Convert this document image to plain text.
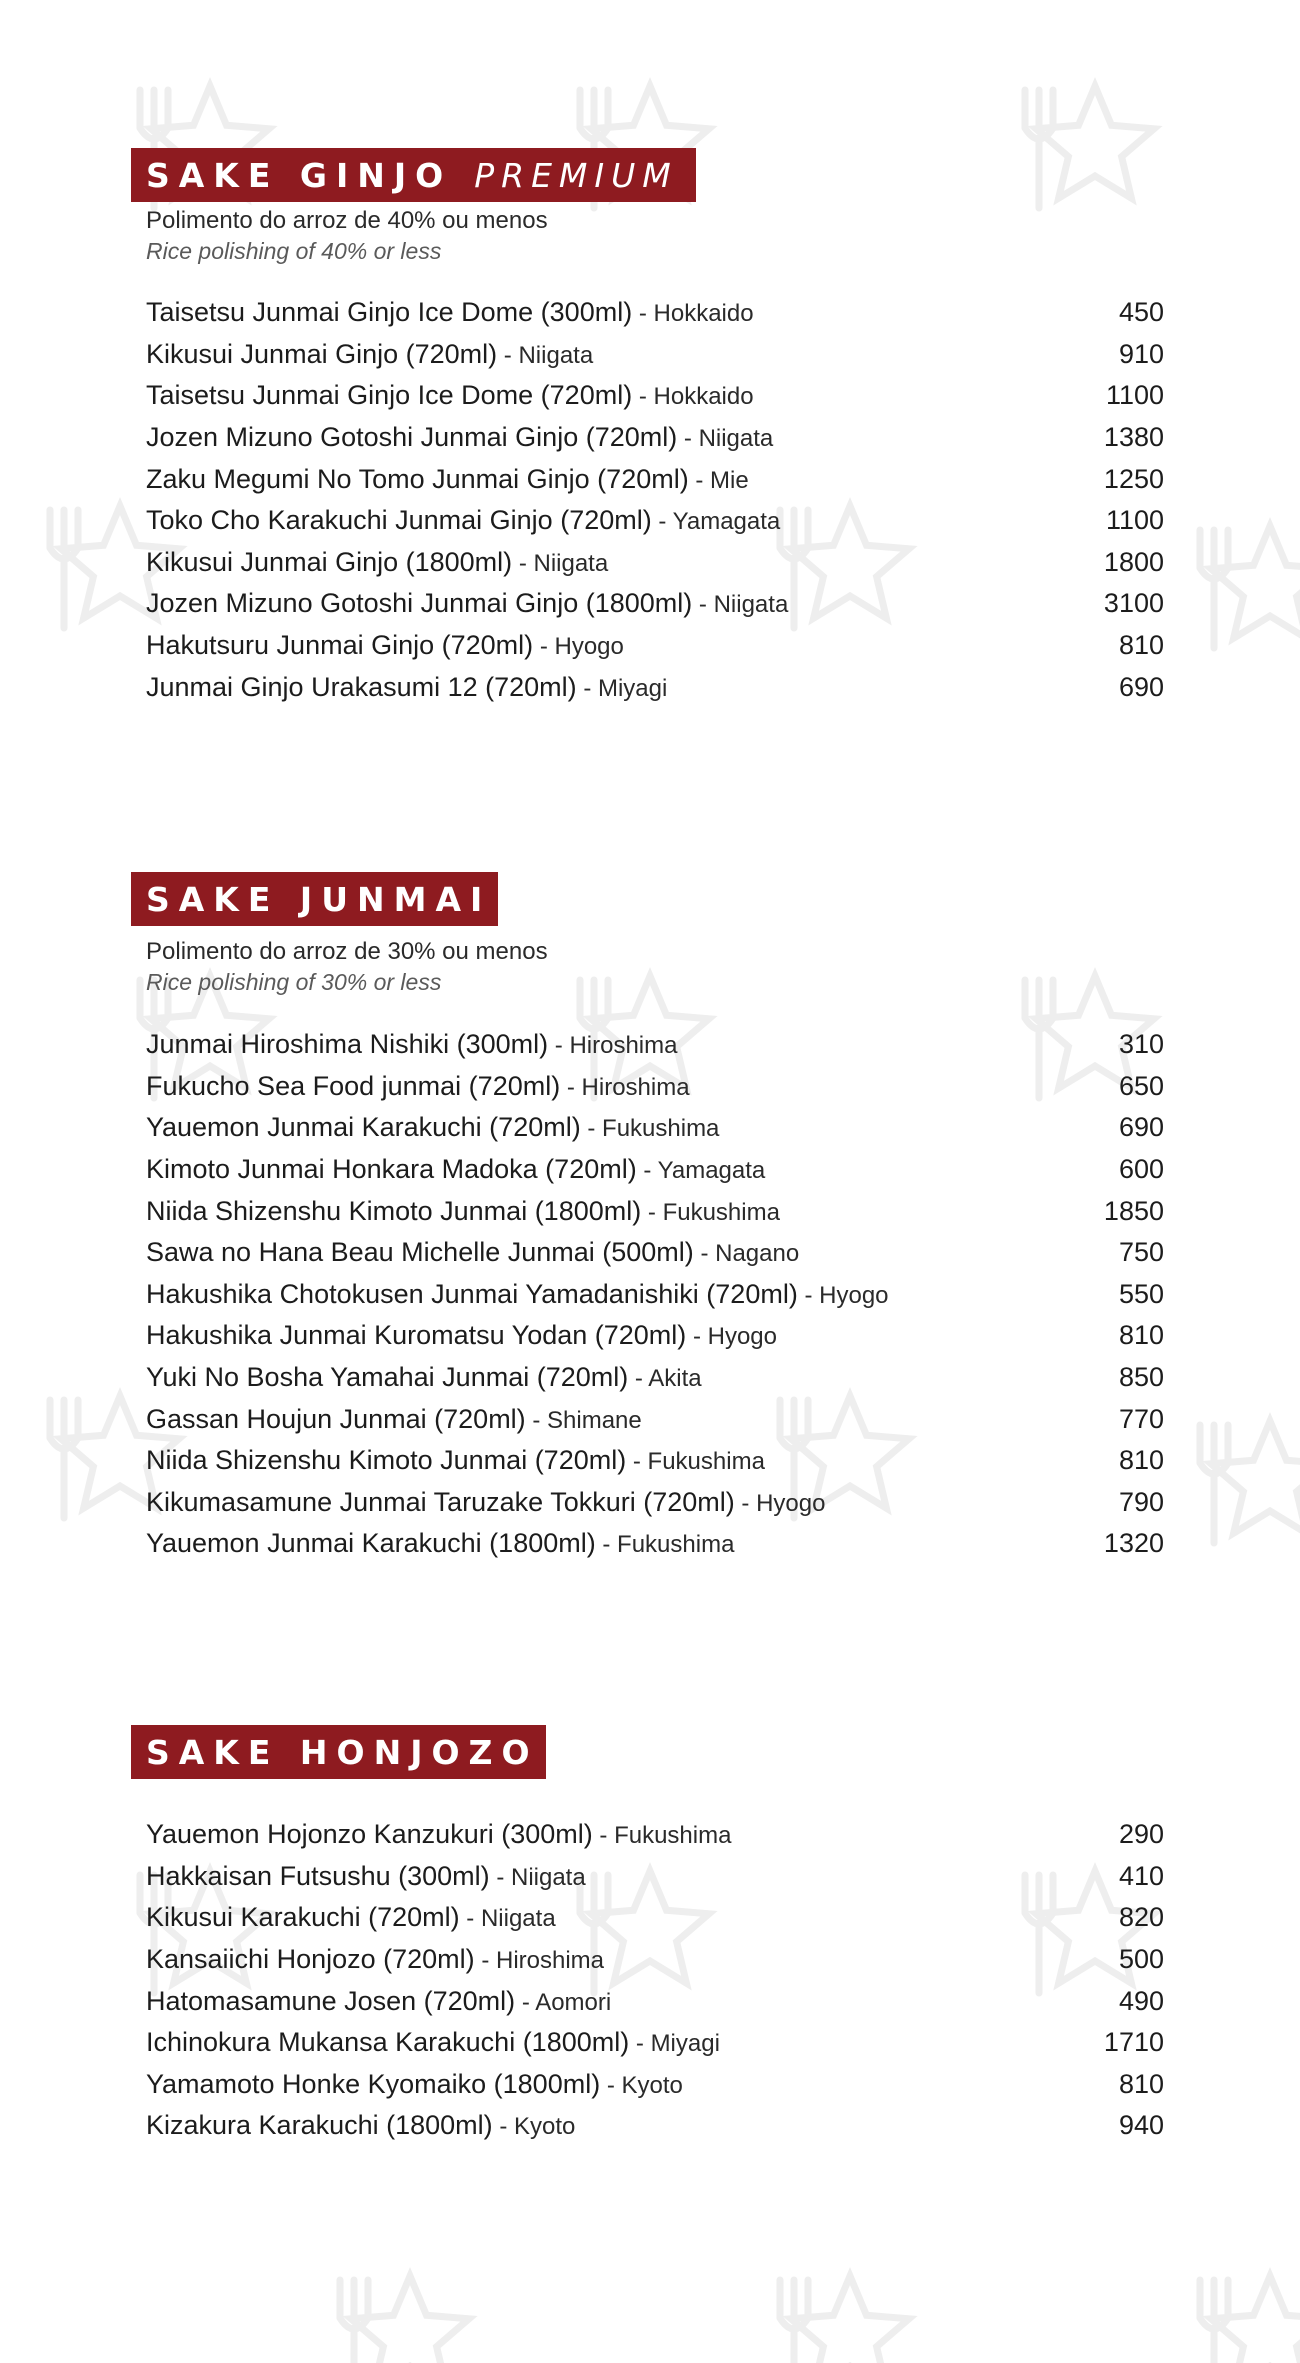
SAKE GINJO PREMIUM
Polimento do arroz de 40% ou menos
Rice polishing of 40% or less
Taisetsu Junmai Ginjo Ice Dome (300ml) - Hokkaido	450
Kikusui Junmai Ginjo (720ml) - Niigata	910
Taisetsu Junmai Ginjo Ice Dome (720ml) - Hokkaido	1100
Jozen Mizuno Gotoshi Junmai Ginjo (720ml) - Niigata	1380
Zaku Megumi No Tomo Junmai Ginjo (720ml) - Mie	1250
Toko Cho Karakuchi Junmai Ginjo (720ml) - Yamagata	1100
Kikusui Junmai Ginjo (1800ml) - Niigata	1800
Jozen Mizuno Gotoshi Junmai Ginjo (1800ml) - Niigata	3100
Hakutsuru Junmai Ginjo (720ml) - Hyogo	810
Junmai Ginjo Urakasumi 12 (720ml) - Miyagi	690
SAKE JUNMAI
Polimento do arroz de 30% ou menos
Rice polishing of 30% or less
Junmai Hiroshima Nishiki (300ml) - Hiroshima	310
Fukucho Sea Food junmai (720ml) - Hiroshima	650
Yauemon Junmai Karakuchi (720ml) - Fukushima	690
Kimoto Junmai Honkara Madoka (720ml) - Yamagata	600
Niida Shizenshu Kimoto Junmai (1800ml) - Fukushima	1850
Sawa no Hana Beau Michelle Junmai (500ml) - Nagano	750
Hakushika Chotokusen Junmai Yamadanishiki (720ml) - Hyogo	550
Hakushika Junmai Kuromatsu Yodan (720ml) - Hyogo	810
Yuki No Bosha Yamahai Junmai (720ml) - Akita	850
Gassan Houjun Junmai (720ml) - Shimane	770
Niida Shizenshu Kimoto Junmai (720ml) - Fukushima	810
Kikumasamune Junmai Taruzake Tokkuri (720ml) - Hyogo	790
Yauemon Junmai Karakuchi (1800ml) - Fukushima	1320
SAKE HONJOZO
Yauemon Hojonzo Kanzukuri (300ml) - Fukushima	290
Hakkaisan Futsushu (300ml) - Niigata	410
Kikusui Karakuchi (720ml) - Niigata	820
Kansaiichi Honjozo (720ml) - Hiroshima	500
Hatomasamune Josen (720ml) - Aomori	490
Ichinokura Mukansa Karakuchi (1800ml) - Miyagi	1710
Yamamoto Honke Kyomaiko (1800ml) - Kyoto	810
Kizakura Karakuchi (1800ml) - Kyoto	940
